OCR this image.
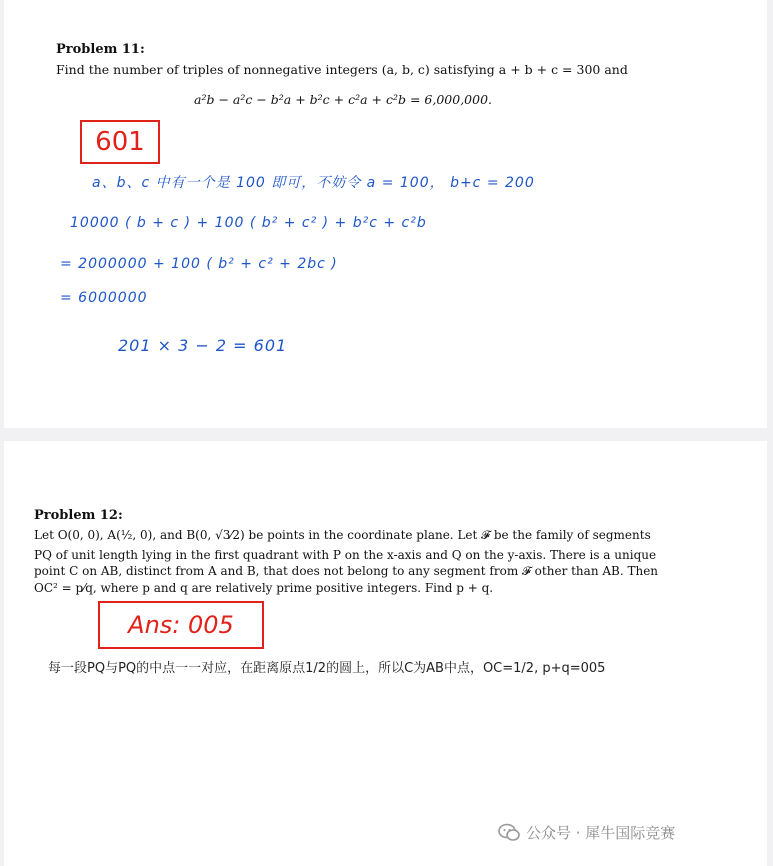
Problem 11:
Find the number of triples of nonnegative integers (a, b, c) satisfying a + b + c = 300 and
a²b − a²c − b²a + b²c + c²a + c²b = 6,000,000.
601
a、b、c 中有一个是 100 即可，不妨令 a = 100， b+c = 200
10000 ( b + c ) + 100 ( b² + c² ) + b²c + c²b
= 2000000 + 100 ( b² + c² + 2bc )
= 6000000
201 × 3 − 2 = 601
Problem 12:
Let O(0, 0), A(½, 0), and B(0, √3⁄2) be points in the coordinate plane. Let 𝓕 be the family of segments
PQ of unit length lying in the first quadrant with P on the x-axis and Q on the y-axis. There is a unique
point C on AB, distinct from A and B, that does not belong to any segment from 𝓕 other than AB. Then
OC² = p⁄q, where p and q are relatively prime positive integers. Find p + q.
Ans: 005
每一段PQ与PQ的中点一一对应，在距离原点1/2的圆上，所以C为AB中点，OC=1/2, p+q=005
公众号 · 犀牛国际竞赛
